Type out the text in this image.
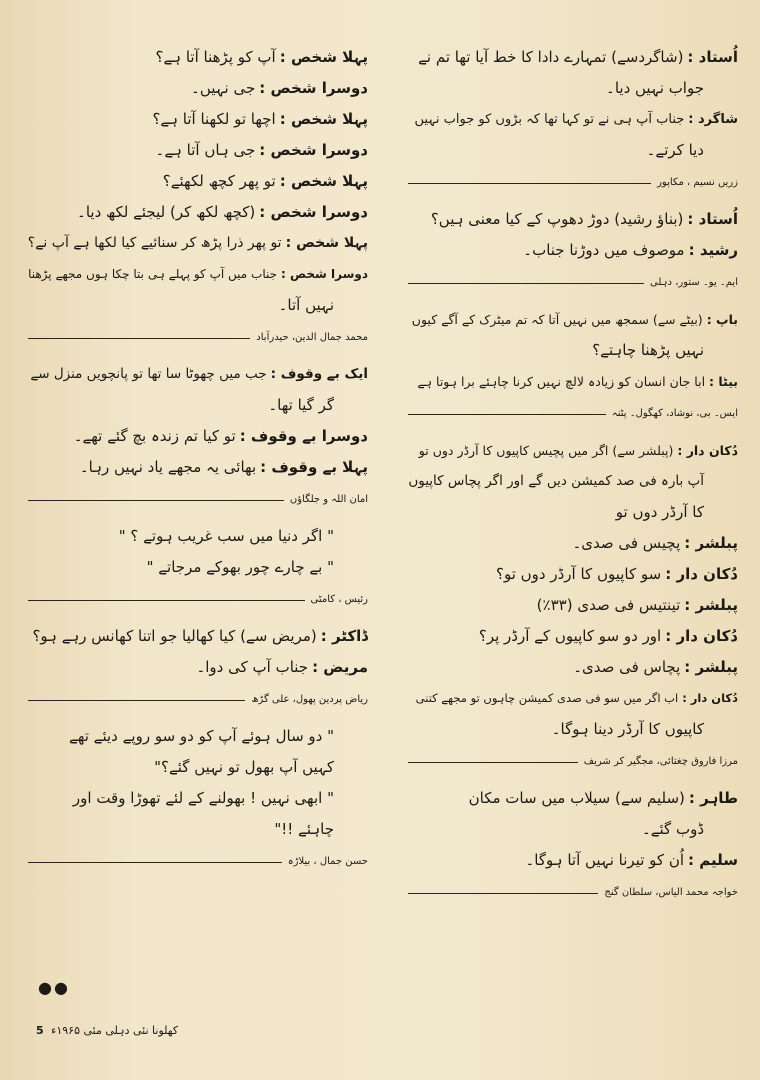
اُستاد :(شاگردسے) تمہارے دادا کا خط آیا تھا تم نے
جواب نہیں دیا۔
شاگرد :جناب آپ ہی نے تو کہا تھا کہ بڑوں کو جواب نہیں
دیا کرتے۔
زریں نسیم ، مکاپور
اُستاد :(بناؤ رشید) دوڑ دھوپ کے کیا معنی ہیں؟
رشید :موصوف میں دوڑنا جناب۔
ایم۔ یو۔ ستور، دہلی
باپ :(بیٹے سے) سمجھ میں نہیں آتا کہ تم میٹرک کے آگے کیوں
نہیں پڑھنا چاہتے؟
بیٹا :ابا جان انسان کو زیادہ لالچ نہیں کرنا چاہئے برا ہوتا ہے
ایس۔ بی، نوشاد، کھگول۔ پٹنہ
دُکان دار :(پبلشر سے) اگر میں پچیس کاپیوں کا آرڈر دوں تو
آپ بارہ فی صد کمیشن دیں گے اور اگر پچاس کاپیوں
کا آرڈر دوں تو
پبلشر :پچیس فی صدی۔
دُکان دار :سو کاپیوں کا آرڈر دوں تو؟
پبلشر :تینتیس فی صدی (۳۳٪)
دُکان دار :اور دو سو کاپیوں کے آرڈر پر؟
پبلشر :پچاس فی صدی۔
دُکان دار :اب اگر میں سو فی صدی کمیشن چاہوں تو مجھے کتنی
کاپیوں کا آرڈر دینا ہوگا۔
مرزا فاروق چغتائی، مجگیر کر شریف
طاہر :(سلیم سے) سیلاب میں سات مکان
ڈوب گئے۔
سلیم :اُن کو تیرنا نہیں آتا ہوگا۔
خواجہ محمد الیاس، سلطان گنج
پہلا شخص :آپ کو پڑھنا آتا ہے؟
دوسرا شخص :جی نہیں۔
پہلا شخص :اچھا تو لکھنا آتا ہے؟
دوسرا شخص :جی ہاں آتا ہے۔
پہلا شخص :تو پھر کچھ لکھئے؟
دوسرا شخص :(کچھ لکھ کر) لیجئے لکھ دیا۔
پہلا شخص :تو پھر ذرا پڑھ کر سنائیے کیا لکھا ہے آپ نے؟
دوسرا شخص :جناب میں آپ کو پہلے ہی بتا چکا ہوں مجھے پڑھنا
نہیں آتا۔
محمد جمال الدین، حیدرآباد
ایک بے وقوف :جب میں چھوٹا سا تھا تو پانچویں منزل سے
گر گیا تھا۔
دوسرا بے وقوف :تو کیا تم زندہ بچ گئے تھے۔
پہلا بے وقوف :بھائی یہ مجھے یاد نہیں رہا۔
امان اللہ و جلگاؤں
" اگر دنیا میں سب غریب ہوتے ؟ "
" بے چارے چور بھوکے مرجاتے "
رئیس ، کامٹی
ڈاکٹر :(مریض سے) کیا کھالیا جو اتنا کھانس رہے ہو؟
مریض :جناب آپ کی دوا۔
ریاض پردین پھول، علی گڑھ
" دو سال ہوئے آپ کو دو سو روپے دیئے تھے
کہیں آپ بھول تو نہیں گئے؟"
" ابھی نہیں ! بھولنے کے لئے تھوڑا وقت اور
چاہئے !!"
حسن جمال ، بیلاڑہ
●●
کھلونا نئی دہلی مئی ۱۹۶۵ء 5
